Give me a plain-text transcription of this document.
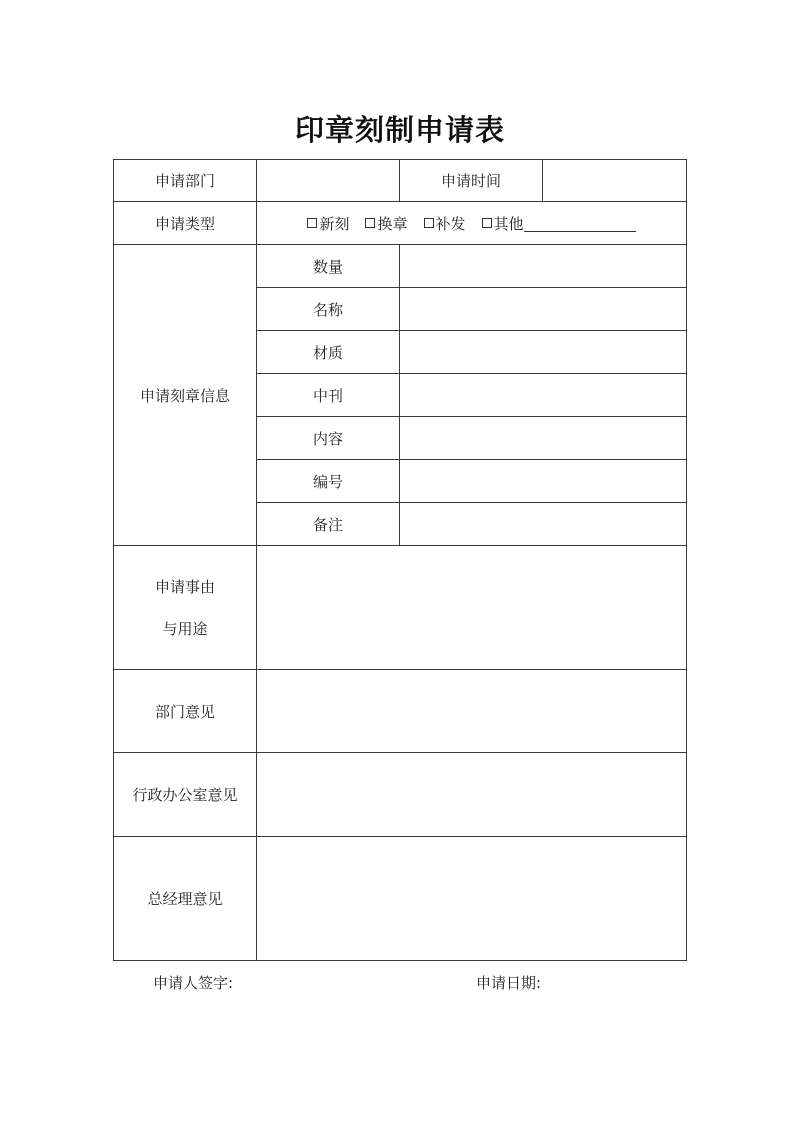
印章刻制申请表
申请部门		申请时间	
申请类型	新刻 换章 补发 其他		

申请刻章信息	数量		
	名称		
	材质		
	中刊		
	内容		
	编号		
	备注		

申请事由
与用途			

部门意见			
行政办公室意见			
总经理意见			
申请人签字:	申请日期:
